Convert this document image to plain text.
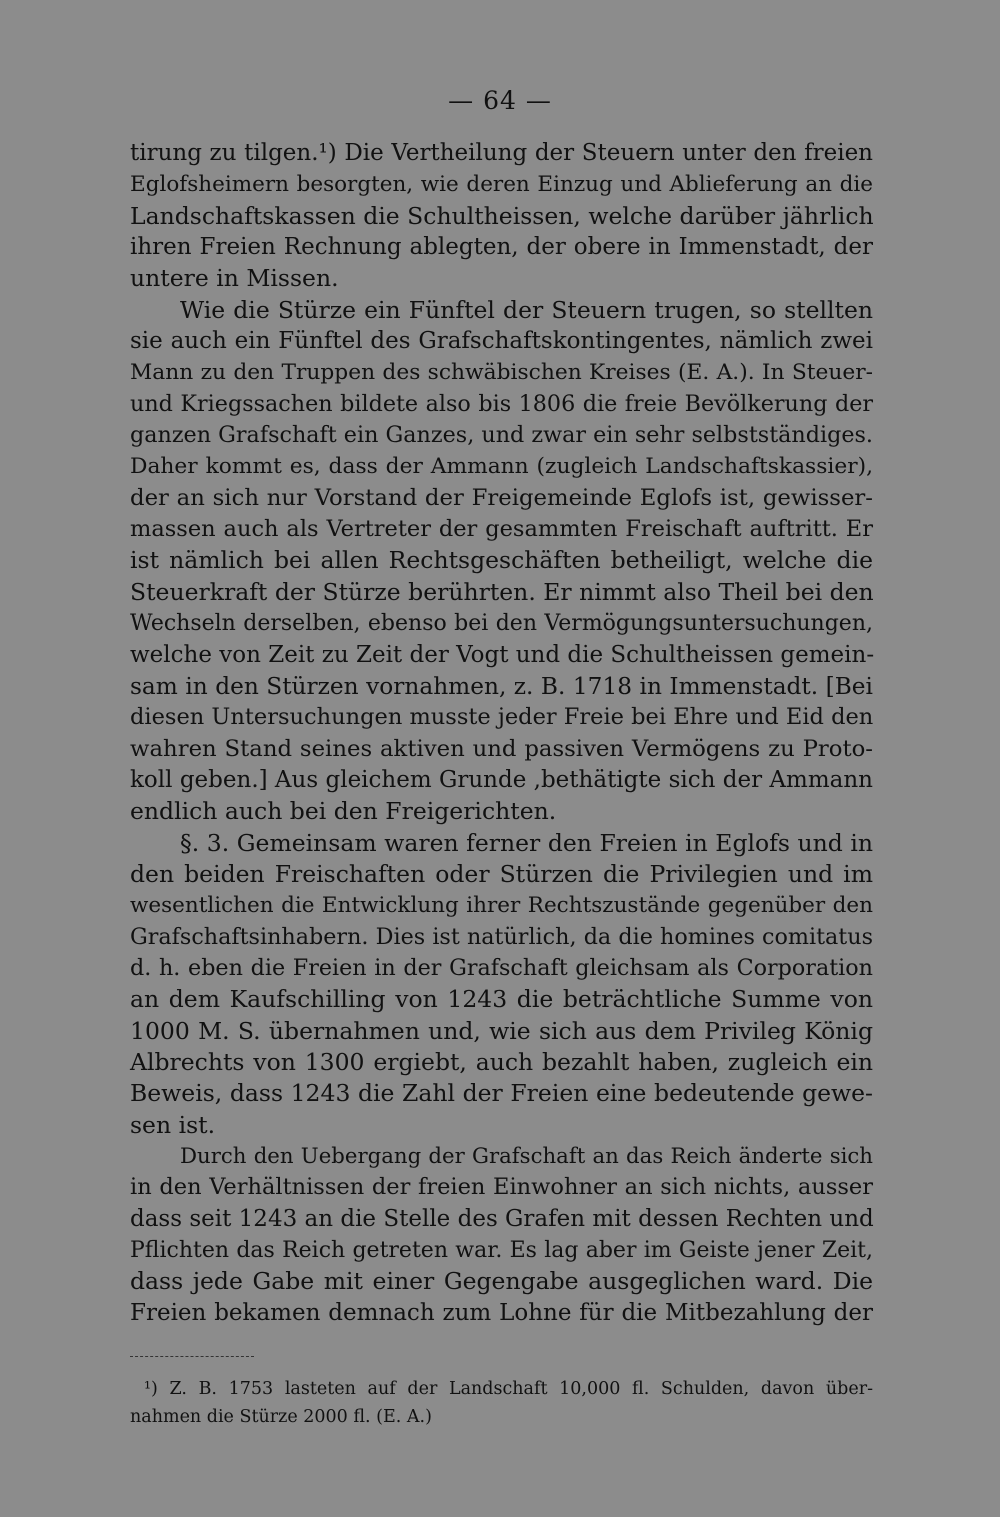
— 64 —
tirung zu tilgen.¹) Die Vertheilung der Steuern unter den freien
Eglofsheimern besorgten, wie deren Einzug und Ablieferung an die
Landschaftskassen die Schultheissen, welche darüber jährlich
ihren Freien Rechnung ablegten, der obere in Immenstadt, der
untere in Missen.
Wie die Stürze ein Fünftel der Steuern trugen, so stellten
sie auch ein Fünftel des Grafschaftskontingentes, nämlich zwei
Mann zu den Truppen des schwäbischen Kreises (E. A.). In Steuer-
und Kriegssachen bildete also bis 1806 die freie Bevölkerung der
ganzen Grafschaft ein Ganzes, und zwar ein sehr selbstständiges.
Daher kommt es, dass der Ammann (zugleich Landschaftskassier),
der an sich nur Vorstand der Freigemeinde Eglofs ist, gewisser-
massen auch als Vertreter der gesammten Freischaft auftritt. Er
ist nämlich bei allen Rechtsgeschäften betheiligt, welche die
Steuerkraft der Stürze berührten. Er nimmt also Theil bei den
Wechseln derselben, ebenso bei den Vermögungsuntersuchungen,
welche von Zeit zu Zeit der Vogt und die Schultheissen gemein-
sam in den Stürzen vornahmen, z. B. 1718 in Immenstadt. [Bei
diesen Untersuchungen musste jeder Freie bei Ehre und Eid den
wahren Stand seines aktiven und passiven Vermögens zu Proto-
koll geben.] Aus gleichem Grunde ,bethätigte sich der Ammann
endlich auch bei den Freigerichten.
§. 3. Gemeinsam waren ferner den Freien in Eglofs und in
den beiden Freischaften oder Stürzen die Privilegien und im
wesentlichen die Entwicklung ihrer Rechtszustände gegenüber den
Grafschaftsinhabern. Dies ist natürlich, da die homines comitatus
d. h. eben die Freien in der Grafschaft gleichsam als Corporation
an dem Kaufschilling von 1243 die beträchtliche Summe von
1000 M. S. übernahmen und, wie sich aus dem Privileg König
Albrechts von 1300 ergiebt, auch bezahlt haben, zugleich ein
Beweis, dass 1243 die Zahl der Freien eine bedeutende gewe-
sen ist.
Durch den Uebergang der Grafschaft an das Reich änderte sich
in den Verhältnissen der freien Einwohner an sich nichts, ausser
dass seit 1243 an die Stelle des Grafen mit dessen Rechten und
Pflichten das Reich getreten war. Es lag aber im Geiste jener Zeit,
dass jede Gabe mit einer Gegengabe ausgeglichen ward. Die
Freien bekamen demnach zum Lohne für die Mitbezahlung der
¹) Z. B. 1753 lasteten auf der Landschaft 10,000 fl. Schulden, davon über-
nahmen die Stürze 2000 fl. (E. A.)
